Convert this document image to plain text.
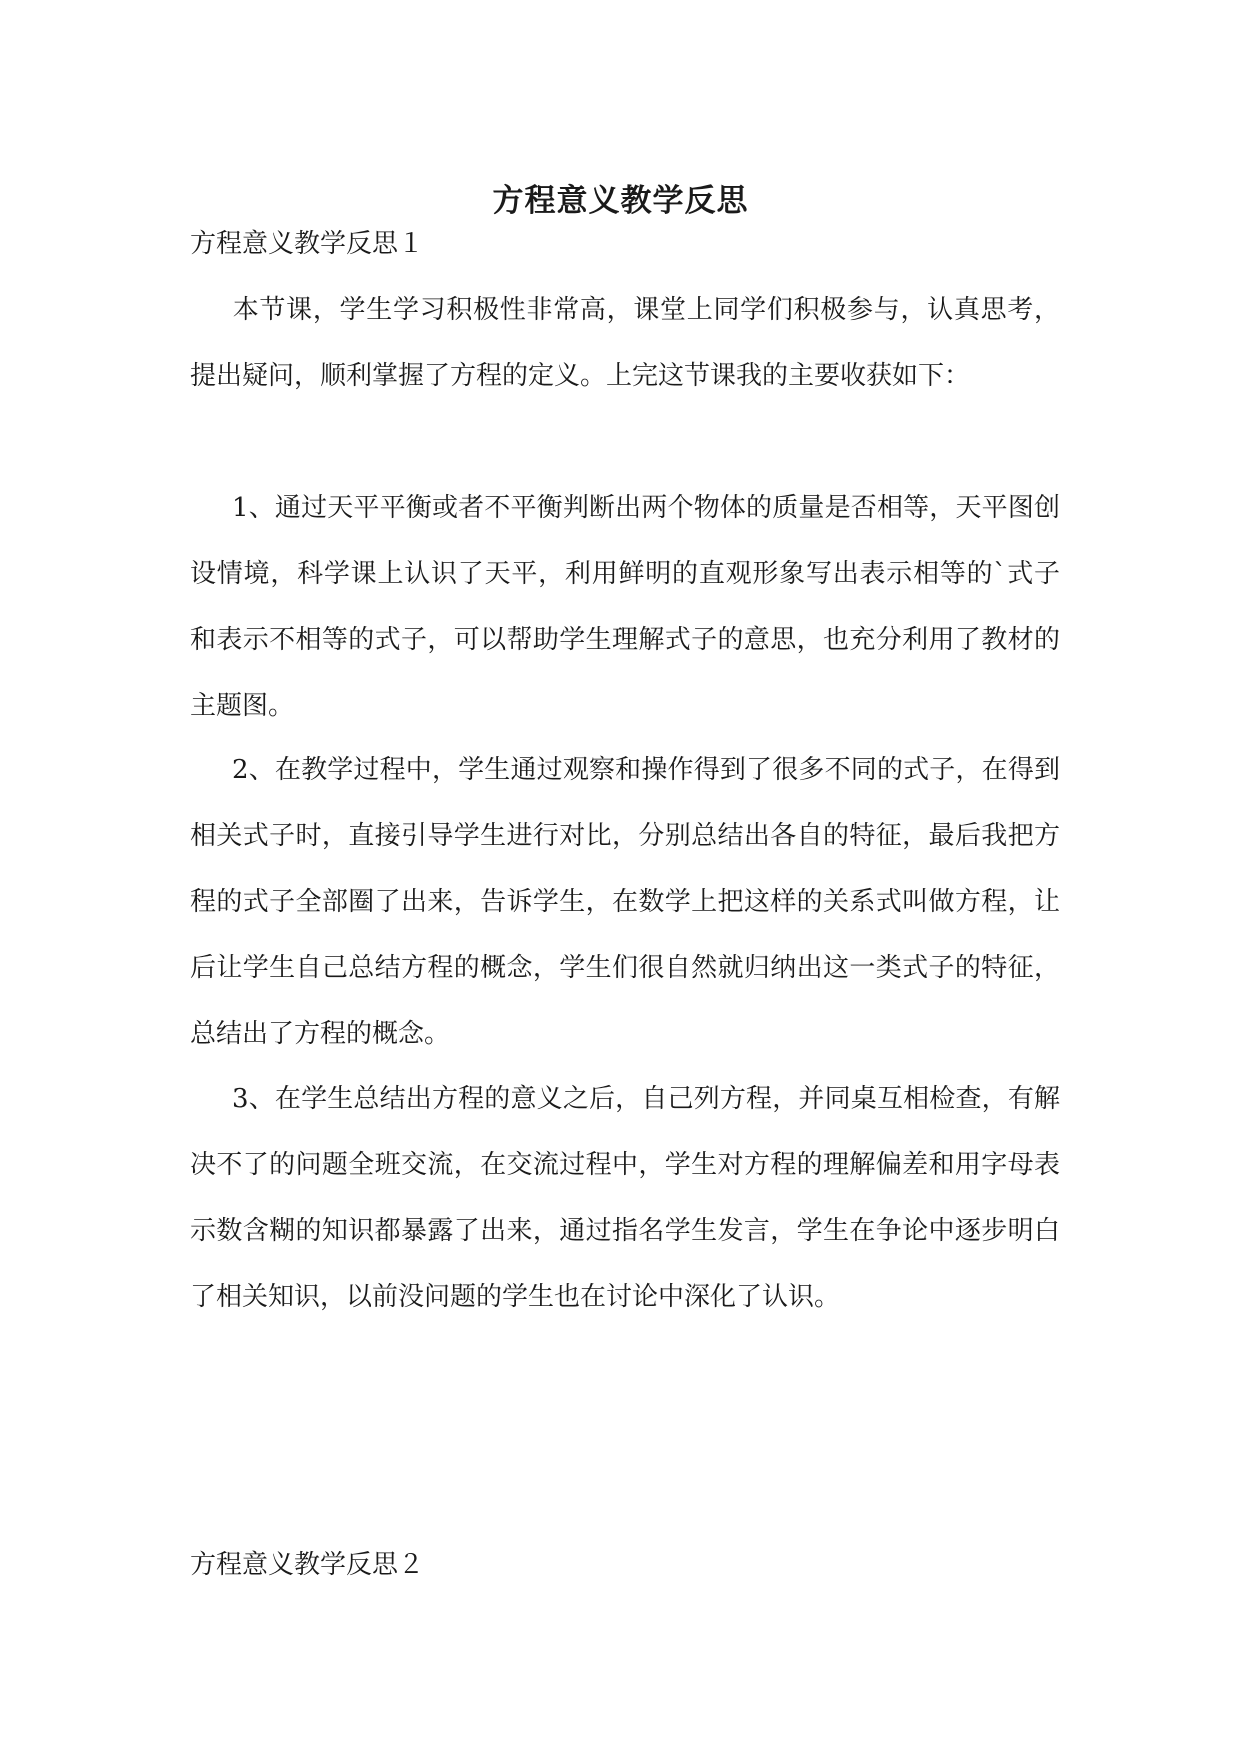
方程意义教学反思
方程意义教学反思１

本节课，学生学习积极性非常高，课堂上同学们积极参与，认真思考，提出疑问，顺利掌握了方程的定义。上完这节课我的主要收获如下：

1、通过天平平衡或者不平衡判断出两个物体的质量是否相等，天平图创设情境，科学课上认识了天平，利用鲜明的直观形象写出表示相等的`式子和表示不相等的式子，可以帮助学生理解式子的意思，也充分利用了教材的主题图。

2、在教学过程中，学生通过观察和操作得到了很多不同的式子，在得到相关式子时，直接引导学生进行对比，分别总结出各自的特征，最后我把方程的式子全部圈了出来，告诉学生，在数学上把这样的关系式叫做方程，让后让学生自己总结方程的概念，学生们很自然就归纳出这一类式子的特征，总结出了方程的概念。

3、在学生总结出方程的意义之后，自己列方程，并同桌互相检查，有解决不了的问题全班交流，在交流过程中，学生对方程的理解偏差和用字母表示数含糊的知识都暴露了出来，通过指名学生发言，学生在争论中逐步明白了相关知识，以前没问题的学生也在讨论中深化了认识。

方程意义教学反思２
